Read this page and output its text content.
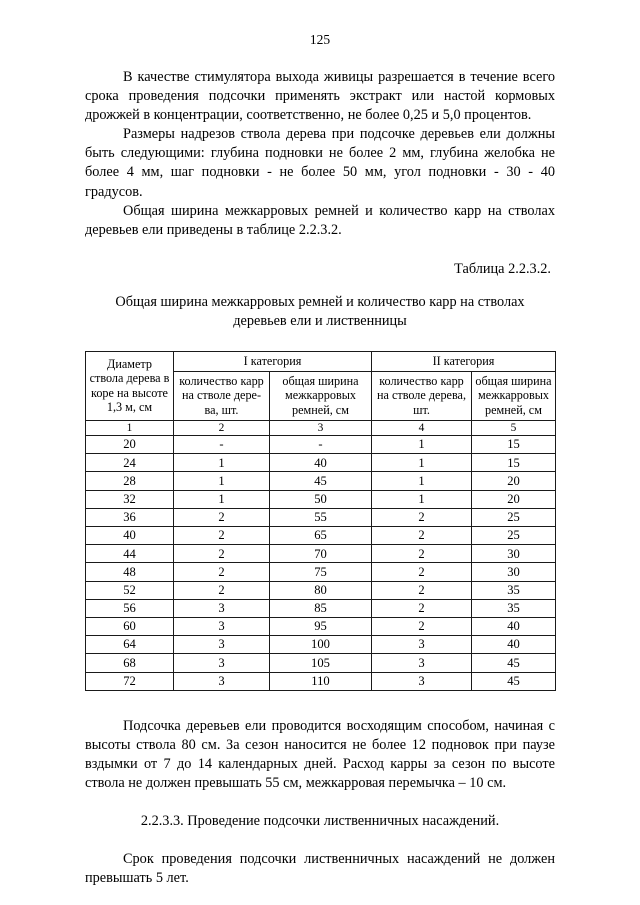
125

В качестве стимулятора выхода живицы разрешается в течение всего срока проведения подсочки применять экстракт или настой кормовых дрожжей в концентрации, соответственно, не более 0,25 и 5,0 процентов.

Размеры надрезов ствола дерева при подсочке деревьев ели должны быть следующими: глубина подновки не более 2 мм, глубина желобка не более 4 мм, шаг подновки - не более 50 мм, угол подновки - 30 - 40 градусов.

Общая ширина межкарровых ремней и количество карр на стволах деревьев ели приведены в таблице 2.2.3.2.

Таблица 2.2.3.2.

Общая ширина межкарровых ремней и количество карр на стволах деревьев ели и лиственницы

Диаметр ствола дерева в коре на высоте 1,3 м, см	I категория		II категория	
	количество карр на стволе дере-ва, шт.	общая ширина межкарровых ремней, см	количество карр на стволе дерева, шт.	общая ширина межкарровых ремней, см
1	2	3	4	5
20	-	-	1	15
24	1	40	1	15
28	1	45	1	20
32	1	50	1	20
36	2	55	2	25
40	2	65	2	25
44	2	70	2	30
48	2	75	2	30
52	2	80	2	35
56	3	85	2	35
60	3	95	2	40
64	3	100	3	40
68	3	105	3	45
72	3	110	3	45

Подсочка деревьев ели проводится восходящим способом, начиная с высоты ствола 80 см. За сезон наносится не более 12 подновок при паузе вздымки от 7 до 14 календарных дней. Расход карры за сезон по высоте ствола не должен превышать 55 см, межкарровая перемычка – 10 см.

2.2.3.3. Проведение подсочки лиственничных насаждений.

Срок проведения подсочки лиственничных насаждений не должен превышать 5 лет.
